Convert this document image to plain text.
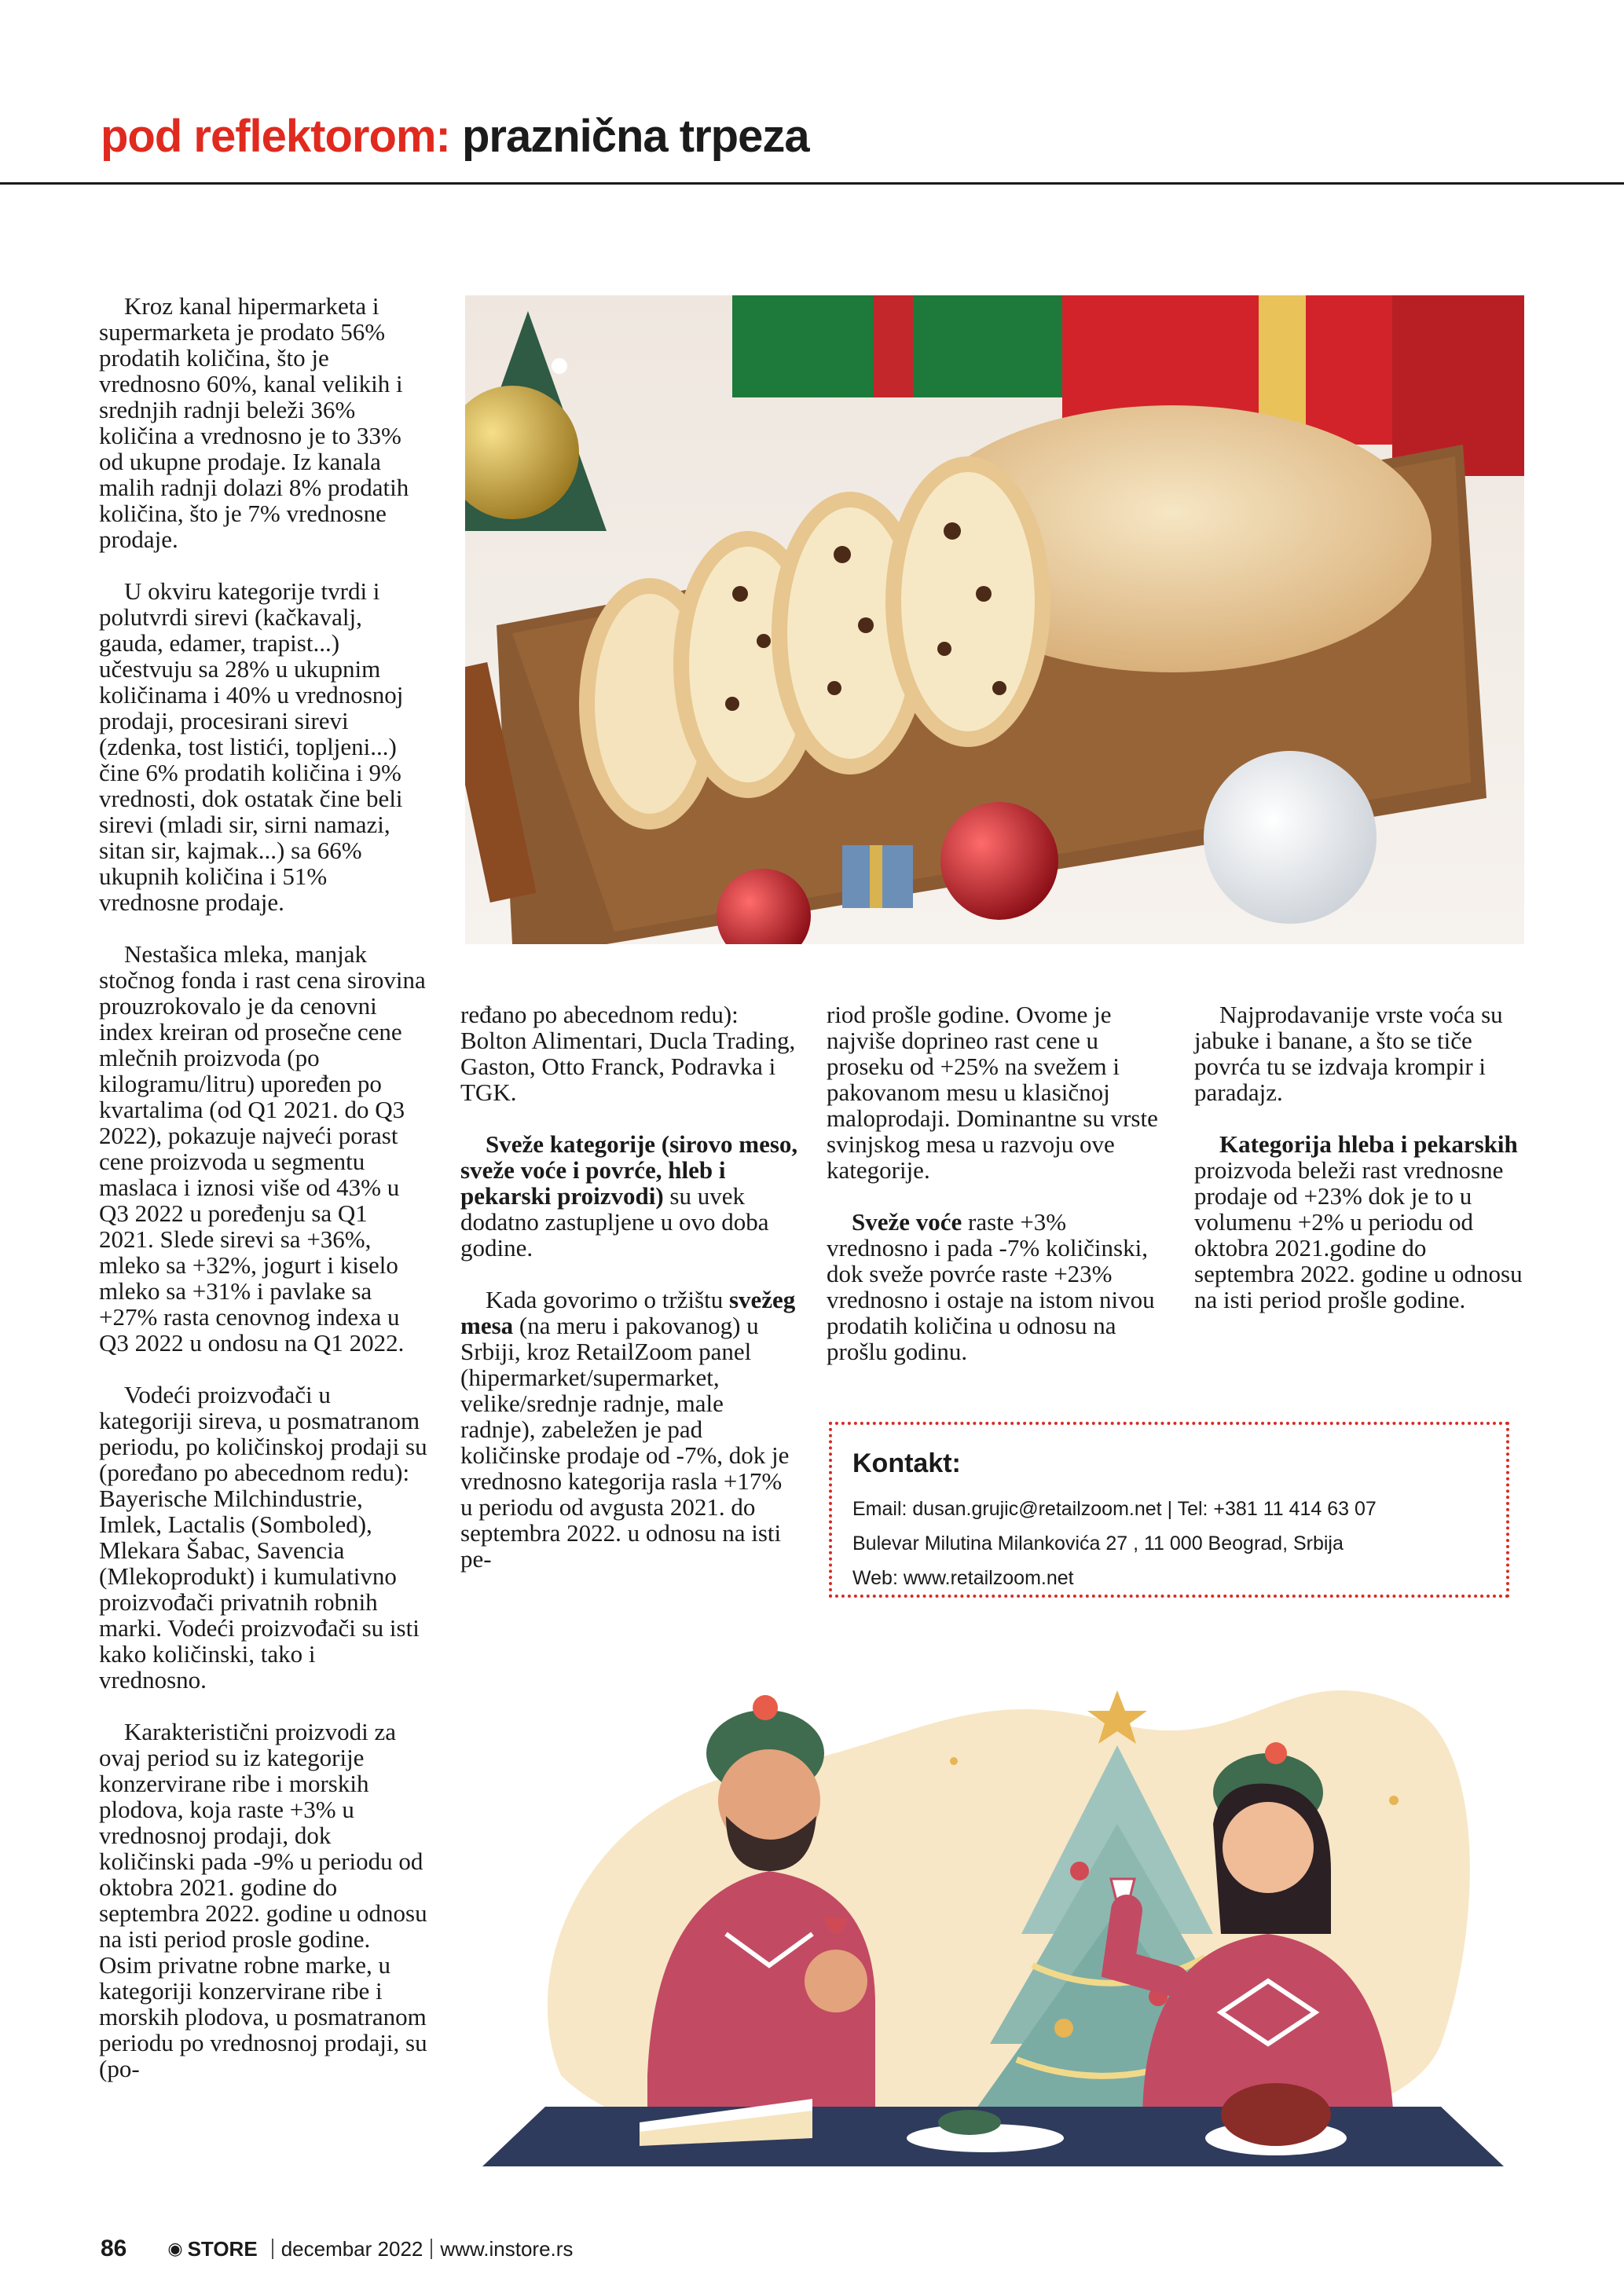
pod reflektorom: praznična trpeza

Kroz kanal hipermarketa i supermarketa je prodato 56% prodatih količina, što je vrednosno 60%, kanal velikih i srednjih radnji beleži 36% količina a vrednosno je to 33% od ukupne prodaje. Iz kanala malih radnji dolazi 8% prodatih količina, što je 7% vrednosne prodaje.

U okviru kategorije tvrdi i polutvrdi sirevi (kačkavalj, gauda, edamer, trapist...) učestvuju sa 28% u ukupnim količinama i 40% u vrednosnoj prodaji, procesirani sirevi (zdenka, tost listići, topljeni...) čine 6% prodatih količina i 9% vrednosti, dok ostatak čine beli sirevi (mladi sir, sirni namazi, sitan sir, kajmak...) sa 66% ukupnih količina i 51% vrednosne prodaje.

Nestašica mleka, manjak stočnog fonda i rast cena sirovina prouzrokovalo je da cenovni index kreiran od prosečne cene mlečnih proizvoda (po kilogramu/litru) upoređen po kvartalima (od Q1 2021. do Q3 2022), pokazuje najveći porast cene proizvoda u segmentu maslaca i iznosi više od 43% u Q3 2022 u poređenju sa Q1 2021. Slede sirevi sa +36%, mleko sa +32%, jogurt i kiselo mleko sa +31% i pavlake sa +27% rasta cenovnog indexa u Q3 2022 u ondosu na Q1 2022.

Vodeći proizvođači u kategoriji sireva, u posmatranom periodu, po količinskoj prodaji su (poređano po abecednom redu): Bayerische Milchindustrie, Imlek, Lactalis (Somboled), Mlekara Šabac, Savencia (Mlekoprodukt) i kumulativno proizvođači privatnih robnih marki. Vodeći proizvođači su isti kako količinski, tako i vrednosno.

Karakteristični proizvodi za ovaj period su iz kategorije konzervirane ribe i morskih plodova, koja raste +3% u vrednosnoj prodaji, dok količinski pada -9% u periodu od oktobra 2021. godine do septembra 2022. godine u odnosu na isti period prosle godine. Osim privatne robne marke, u kategoriji konzervirane ribe i morskih plodova, u posmatranom periodu po vrednosnoj prodaji, su (po-

ređano po abecednom redu): Bolton Alimentari, Ducla Trading, Gaston, Otto Franck, Podravka i TGK.

Sveže kategorije (sirovo meso, sveže voće i povrće, hleb i pekarski proizvodi) su uvek dodatno zastupljene u ovo doba godine.

Kada govorimo o tržištu svežeg mesa (na meru i pakovanog) u Srbiji, kroz RetailZoom panel (hipermarket/supermarket, velike/srednje radnje, male radnje), zabeležen je pad količinske prodaje od -7%, dok je vrednosno kategorija rasla +17% u periodu od avgusta 2021. do septembra 2022. u odnosu na isti pe-

riod prošle godine. Ovome je najviše doprineo rast cene u proseku od +25% na svežem i pakovanom mesu u klasičnoj maloprodaji. Dominantne su vrste svinjskog mesa u razvoju ove kategorije.

Sveže voće raste +3% vrednosno i pada -7% količinski, dok sveže povrće raste +23% vrednosno i ostaje na istom nivou prodatih količina u odnosu na prošlu godinu.

Najprodavanije vrste voća su jabuke i banane, a što se tiče povrća tu se izdvaja krompir i paradajz.

Kategorija hleba i pekarskih proizvoda beleži rast vrednosne prodaje od +23% dok je to u volumenu +2% u periodu od oktobra 2021.godine do septembra 2022. godine u odnosu na isti period prošle godine.

Kontakt:
Email: dusan.grujic@retailzoom.net | Tel: +381 11 414 63 07
Bulevar Milutina Milankovića 27 , 11 000 Beograd, Srbija
Web: www.retailzoom.net
86 ◉ STORE decembar 2022 www.instore.rs
